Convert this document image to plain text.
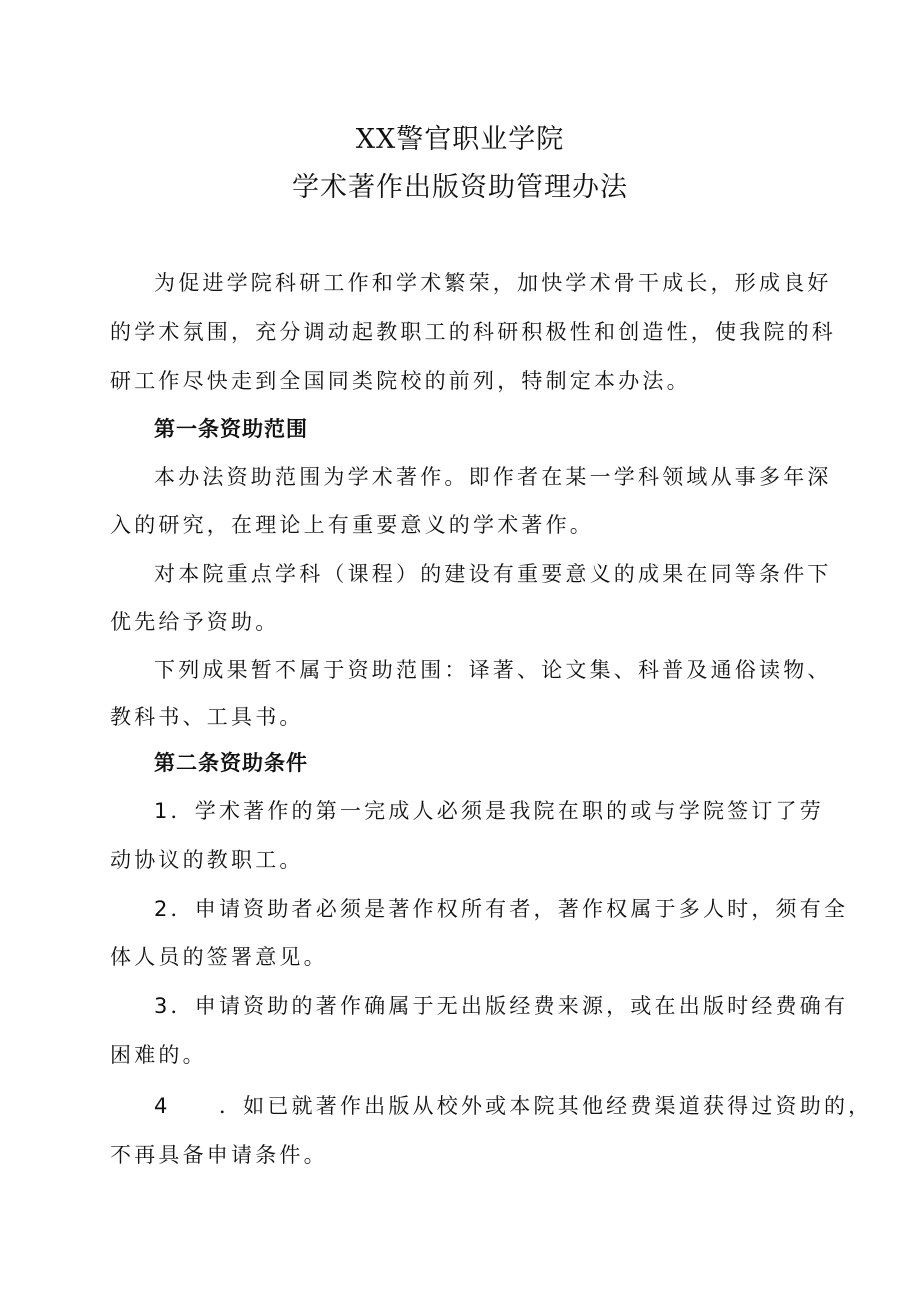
XX警官职业学院
学术著作出版资助管理办法
为促进学院科研工作和学术繁荣，加快学术骨干成长，形成良好
的学术氛围，充分调动起教职工的科研积极性和创造性，使我院的科
研工作尽快走到全国同类院校的前列，特制定本办法。
第一条资助范围
本办法资助范围为学术著作。即作者在某一学科领域从事多年深
入的研究，在理论上有重要意义的学术著作。
对本院重点学科（课程）的建设有重要意义的成果在同等条件下
优先给予资助。
下列成果暂不属于资助范围：译著、论文集、科普及通俗读物、
教科书、工具书。
第二条资助条件
1．学术著作的第一完成人必须是我院在职的或与学院签订了劳
动协议的教职工。
2．申请资助者必须是著作权所有者，著作权属于多人时，须有全
体人员的签署意见。
3．申请资助的著作确属于无出版经费来源，或在出版时经费确有
困难的。
4　　．如已就著作出版从校外或本院其他经费渠道获得过资助的，
不再具备申请条件。
